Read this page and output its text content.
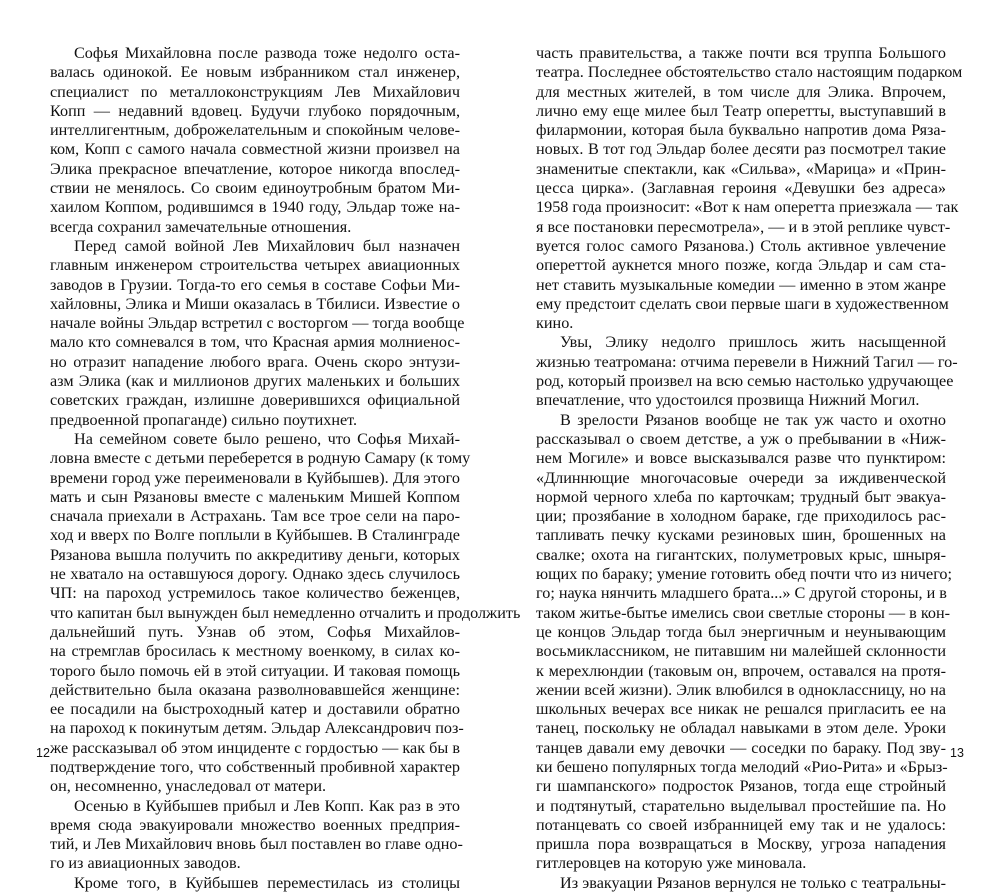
Софья Михайловна после развода тоже недолго оста-
валась одинокой. Ее новым избранником стал инженер,
специалист по металлоконструкциям Лев Михайлович
Копп — недавний вдовец. Будучи глубоко порядочным,
интеллигентным, доброжелательным и спокойным челове-
ком, Копп с самого начала совместной жизни произвел на
Элика прекрасное впечатление, которое никогда впослед-
ствии не менялось. Со своим единоутробным братом Ми-
хаилом Коппом, родившимся в 1940 году, Эльдар тоже на-
всегда сохранил замечательные отношения.
Перед самой войной Лев Михайлович был назначен
главным инженером строительства четырех авиационных
заводов в Грузии. Тогда-то его семья в составе Софьи Ми-
хайловны, Элика и Миши оказалась в Тбилиси. Известие о
начале войны Эльдар встретил с восторгом — тогда вообще
мало кто сомневался в том, что Красная армия молниенос-
но отразит нападение любого врага. Очень скоро энтузи-
азм Элика (как и миллионов других маленьких и больших
советских граждан, излишне доверившихся официальной
предвоенной пропаганде) сильно поутихнет.
На семейном совете было решено, что Софья Михай-
ловна вместе с детьми переберется в родную Самару (к тому
времени город уже переименовали в Куйбышев). Для этого
мать и сын Рязановы вместе с маленьким Мишей Коппом
сначала приехали в Астрахань. Там все трое сели на паро-
ход и вверх по Волге поплыли в Куйбышев. В Сталинграде
Рязанова вышла получить по аккредитиву деньги, которых
не хватало на оставшуюся дорогу. Однако здесь случилось
ЧП: на пароход устремилось такое количество беженцев,
что капитан был вынужден был немедленно отчалить и продолжить
дальнейший путь. Узнав об этом, Софья Михайлов-
на стремглав бросилась к местному военкому, в силах ко-
торого было помочь ей в этой ситуации. И таковая помощь
действительно была оказана разволновавшейся женщине:
ее посадили на быстроходный катер и доставили обратно
на пароход к покинутым детям. Эльдар Александрович поз-
же рассказывал об этом инциденте с гордостью — как бы в
подтверждение того, что собственный пробивной характер
он, несомненно, унаследовал от матери.
Осенью в Куйбышев прибыл и Лев Копп. Как раз в это
время сюда эвакуировали множество военных предприя-
тий, и Лев Михайлович вновь был поставлен во главе одно-
го из авиационных заводов.
Кроме того, в Куйбышев переместилась из столицы
12
часть правительства, а также почти вся труппа Большого
театра. Последнее обстоятельство стало настоящим подарком
для местных жителей, в том числе для Элика. Впрочем,
лично ему еще милее был Театр оперетты, выступавший в
филармонии, которая была буквально напротив дома Ряза-
новых. В тот год Эльдар более десяти раз посмотрел такие
знаменитые спектакли, как «Сильва», «Марица» и «Прин-
цесса цирка». (Заглавная героиня «Девушки без адреса»
1958 года произносит: «Вот к нам оперетта приезжала — так
я все постановки пересмотрела», — и в этой реплике чувст-
вуется голос самого Рязанова.) Столь активное увлечение
опереттой аукнется много позже, когда Эльдар и сам ста-
нет ставить музыкальные комедии — именно в этом жанре
ему предстоит сделать свои первые шаги в художественном
кино.
Увы, Элику недолго пришлось жить насыщенной
жизнью театромана: отчима перевели в Нижний Тагил — го-
род, который произвел на всю семью настолько удручающее
впечатление, что удостоился прозвища Нижний Могил.
В зрелости Рязанов вообще не так уж часто и охотно
рассказывал о своем детстве, а уж о пребывании в «Ниж-
нем Могиле» и вовсе высказывался разве что пунктиром:
«Длиннющие многочасовые очереди за иждивенческой
нормой черного хлеба по карточкам; трудный быт эвакуа-
ции; прозябание в холодном бараке, где приходилось рас-
тапливать печку кусками резиновых шин, брошенных на
свалке; охота на гигантских, полуметровых крыс, шныря-
ющих по бараку; умение готовить обед почти что из ничего;
го; наука нянчить младшего брата...» С другой стороны, и в
таком житье-бытье имелись свои светлые стороны — в кон-
це концов Эльдар тогда был энергичным и неунывающим
восьмиклассником, не питавшим ни малейшей склонности
к мерехлюндии (таковым он, впрочем, оставался на протя-
жении всей жизни). Элик влюбился в одноклассницу, но на
школьных вечерах все никак не решался пригласить ее на
танец, поскольку не обладал навыками в этом деле. Уроки
танцев давали ему девочки — соседки по бараку. Под зву-
ки бешено популярных тогда мелодий «Рио-Рита» и «Брыз-
ги шампанского» подросток Рязанов, тогда еще стройный
и подтянутый, старательно выделывал простейшие па. Но
потанцевать со своей избранницей ему так и не удалось:
пришла пора возвращаться в Москву, угроза нападения
гитлеровцев на которую уже миновала.
Из эвакуации Рязанов вернулся не только с театральны-
13
